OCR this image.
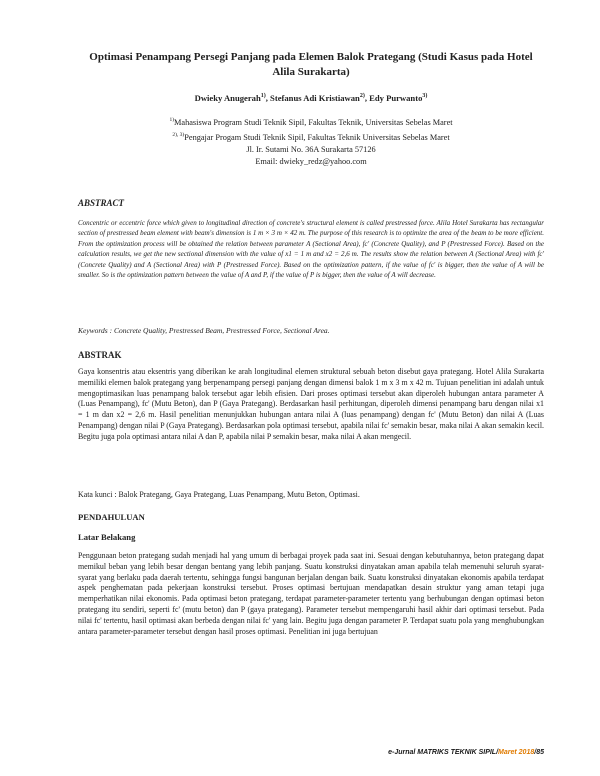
Optimasi Penampang Persegi Panjang pada Elemen Balok Prategang (Studi Kasus pada Hotel Alila Surakarta)
Dwieky Anugerah$^{1)}$, Stefanus Adi Kristiawan$^{2)}$, Edy Purwanto$^{3)}$
$^{1)}$Mahasiswa Program Studi Teknik Sipil, Fakultas Teknik, Universitas Sebelas Maret
$^{2), 3)}$Pengajar Progam Studi Teknik Sipil, Fakultas Teknik Universitas Sebelas Maret
Jl. Ir. Sutami No. 36A Surakarta 57126
Email: dwieky_redz@yahoo.com
ABSTRACT
Concentric or eccentric force which given to longitudinal direction of concrete's structural element is called prestressed force. Alila Hotel Surakarta has rectangular section of prestressed beam element with beam's dimension is 1 m × 3 m × 42 m. The purpose of this research is to optimize the area of the beam to be more efficient. From the optimization process will be obtained the relation between parameter A (Sectional Area), fc' (Concrete Quality), and P (Prestressed Force). Based on the calculation results, we get the new sectional dimension with the value of x1 = 1 m and x2 = 2,6 m. The results show the relation between A (Sectional Area) with fc' (Concrete Quality) and A (Sectional Area) with P (Prestressed Force). Based on the optimization pattern, if the value of fc' is bigger, then the value of A will be smaller. So is the optimization pattern between the value of A and P, if the value of P is bigger, then the value of A will decrease.
Keywords : Concrete Quality, Prestressed Beam, Prestressed Force, Sectional Area.
ABSTRAK
Gaya konsentris atau eksentris yang diberikan ke arah longitudinal elemen struktural sebuah beton disebut gaya prategang. Hotel Alila Surakarta memiliki elemen balok prategang yang berpenampang persegi panjang dengan dimensi balok 1 m x 3 m x 42 m. Tujuan penelitian ini adalah untuk mengoptimasikan luas penampang balok tersebut agar lebih efisien. Dari proses optimasi tersebut akan diperoleh hubungan antara parameter A (Luas Penampang), fc' (Mutu Beton), dan P (Gaya Prategang). Berdasarkan hasil perhitungan, diperoleh dimensi penampang baru dengan nilai x1 = 1 m dan x2 = 2,6 m. Hasil penelitian menunjukkan hubungan antara nilai A (luas penampang) dengan fc' (Mutu Beton) dan nilai A (Luas Penampang) dengan nilai P (Gaya Prategang). Berdasarkan pola optimasi tersebut, apabila nilai fc' semakin besar, maka nilai A akan semakin kecil. Begitu juga pola optimasi antara nilai A dan P, apabila nilai P semakin besar, maka nilai A akan mengecil.
Kata kunci : Balok Prategang, Gaya Prategang, Luas Penampang, Mutu Beton, Optimasi.
PENDAHULUAN
Latar Belakang
Penggunaan beton prategang sudah menjadi hal yang umum di berbagai proyek pada saat ini. Sesuai dengan kebutuhannya, beton prategang dapat memikul beban yang lebih besar dengan bentang yang lebih panjang. Suatu konstruksi dinyatakan aman apabila telah memenuhi seluruh syarat-syarat yang berlaku pada daerah tertentu, sehingga fungsi bangunan berjalan dengan baik. Suatu konstruksi dinyatakan ekonomis apabila terdapat aspek penghematan pada pekerjaan konstruksi tersebut. Proses optimasi bertujuan mendapatkan desain struktur yang aman tetapi juga memperhatikan nilai ekonomis. Pada optimasi beton prategang, terdapat parameter-parameter tertentu yang berhubungan dengan optimasi beton prategang itu sendiri, seperti fc' (mutu beton) dan P (gaya prategang). Parameter tersebut mempengaruhi hasil akhir dari optimasi tersebut. Pada nilai fc' tertentu, hasil optimasi akan berbeda dengan nilai fc' yang lain. Begitu juga dengan parameter P. Terdapat suatu pola yang menghubungkan antara parameter-parameter tersebut dengan hasil proses optimasi. Penelitian ini juga bertujuan
e-Jurnal MATRIKS TEKNIK SIPIL/Maret 2018/85
